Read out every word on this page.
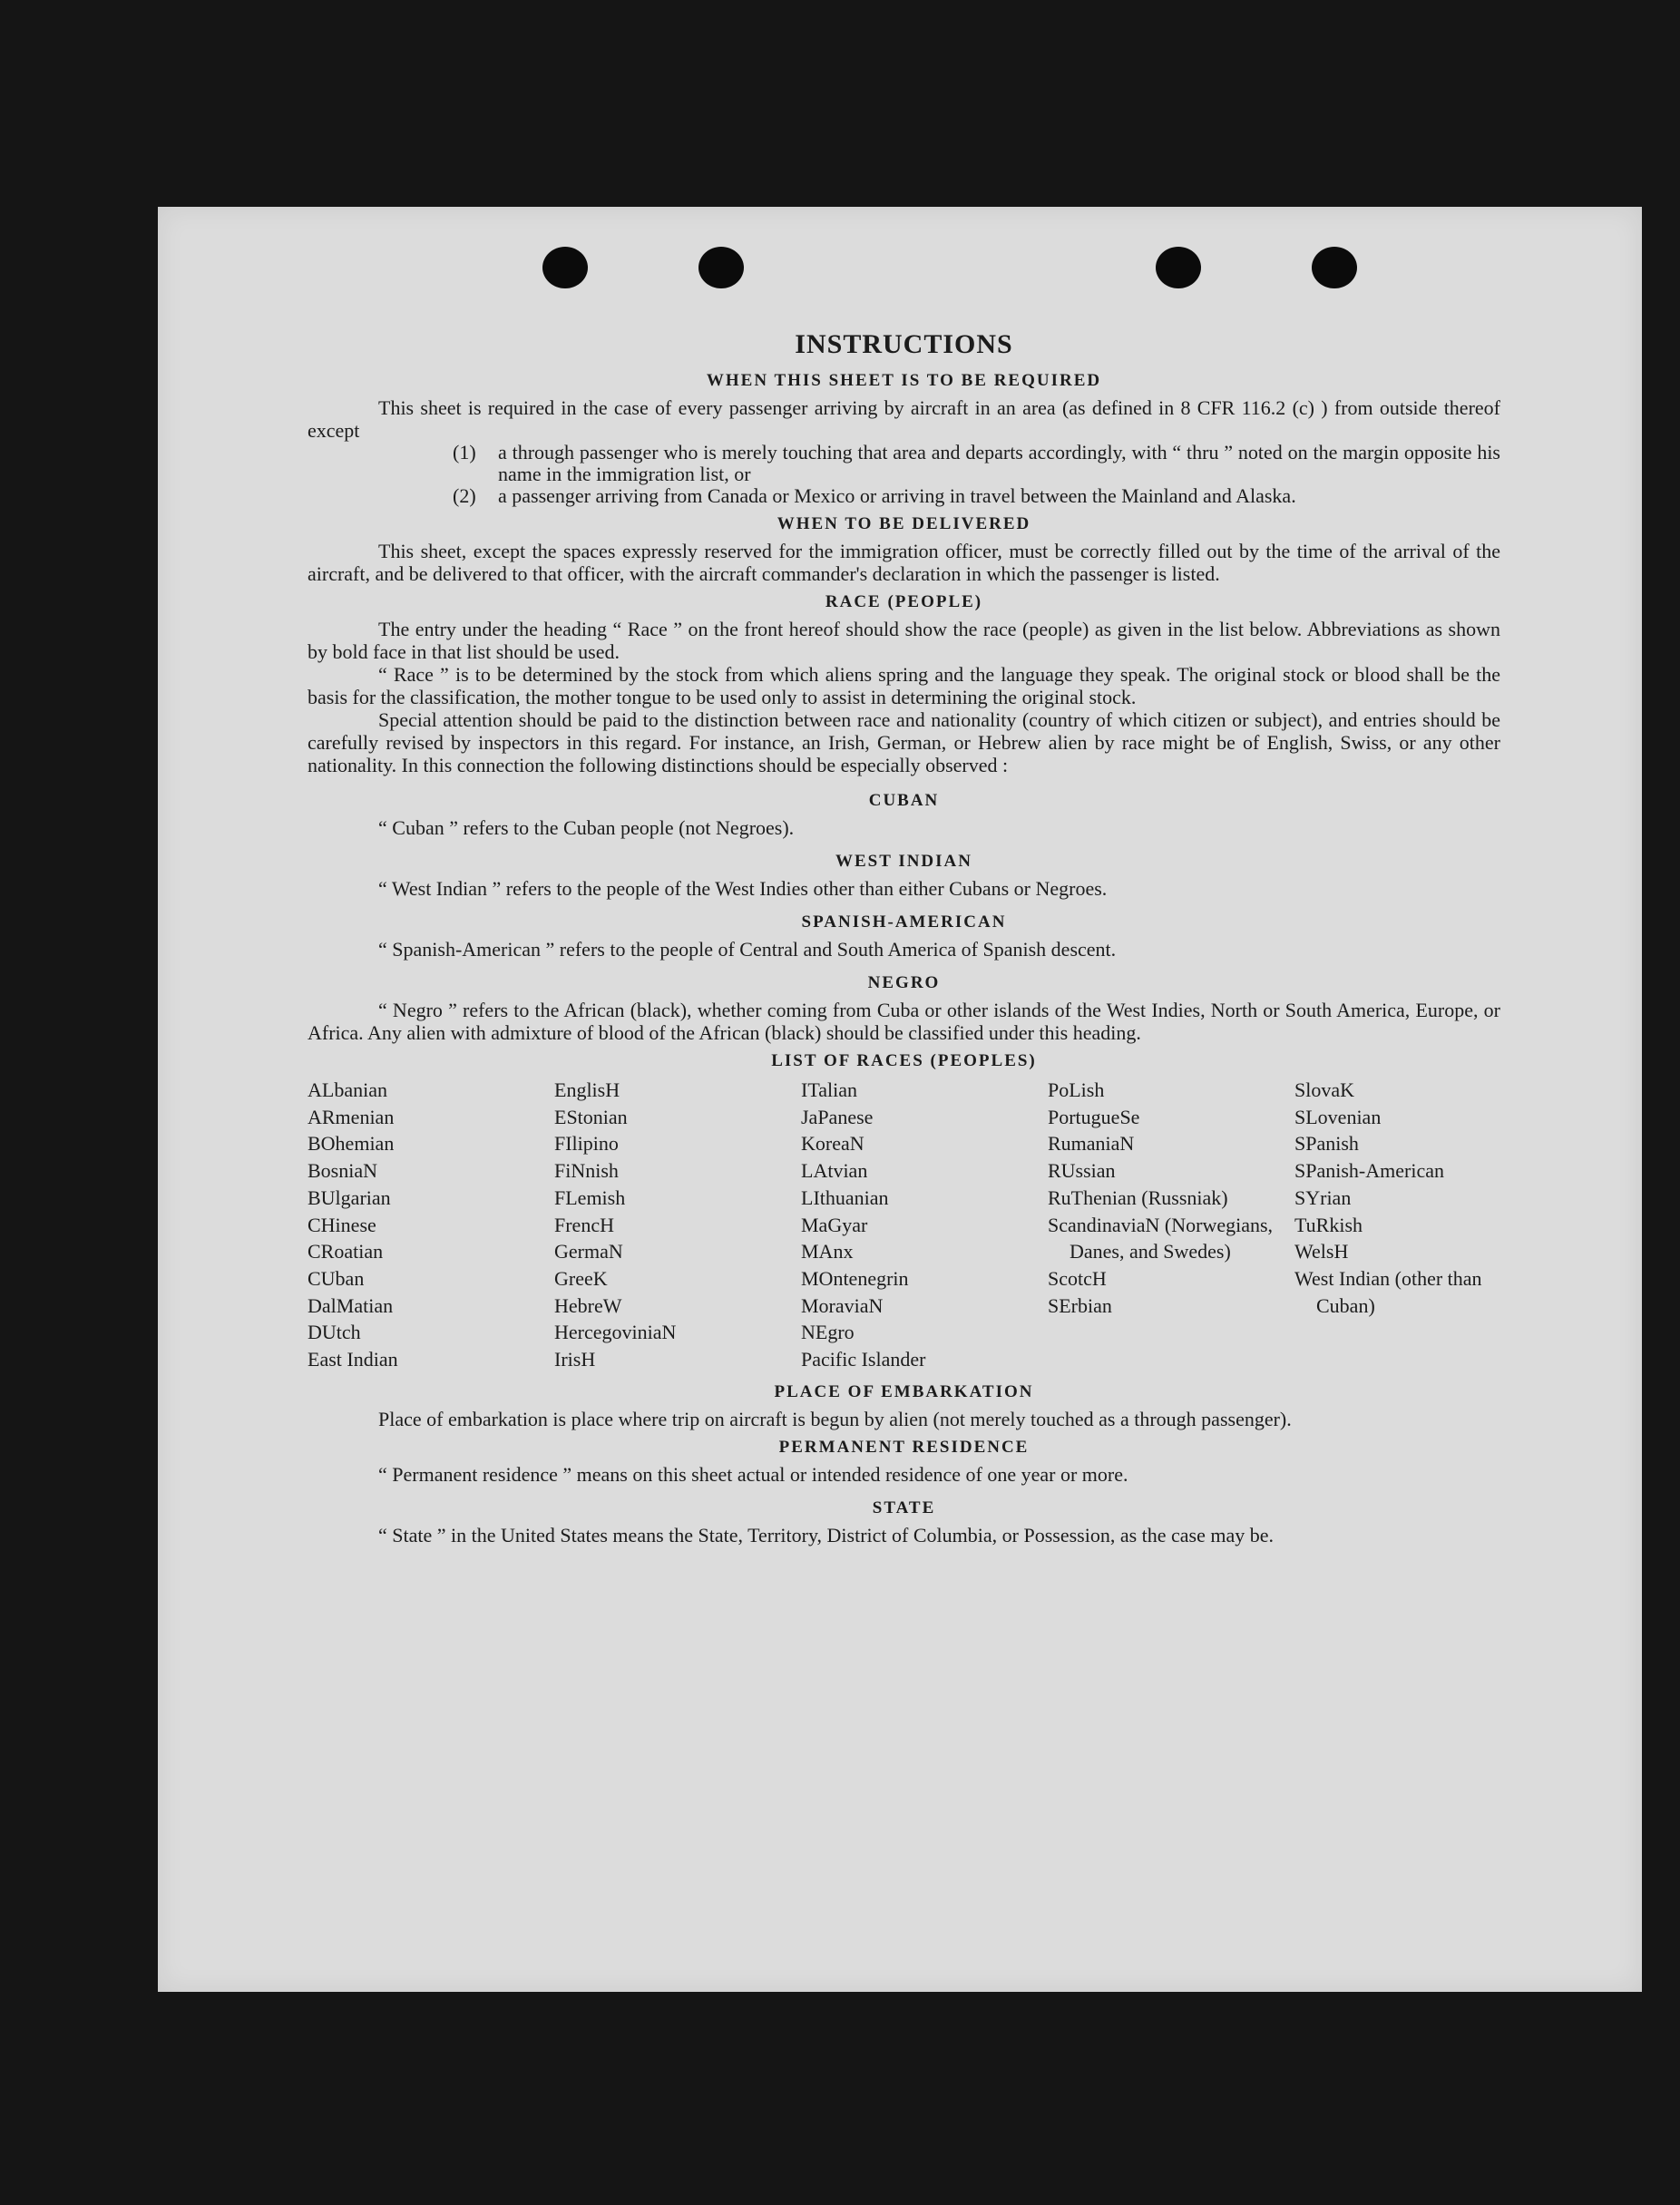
INSTRUCTIONS
WHEN THIS SHEET IS TO BE REQUIRED

This sheet is required in the case of every passenger arriving by aircraft in an area (as defined in 8 CFR 116.2 (c) ) from outside thereof except

(1)	a through passenger who is merely touching that area and departs accordingly, with “ thru ” noted on the margin opposite his name in the immigration list, or
(2)	a passenger arriving from Canada or Mexico or arriving in travel between the Mainland and Alaska.
WHEN TO BE DELIVERED

This sheet, except the spaces expressly reserved for the immigration officer, must be correctly filled out by the time of the arrival of the aircraft, and be delivered to that officer, with the aircraft commander's declaration in which the passenger is listed.

RACE (PEOPLE)

The entry under the heading “ Race ” on the front hereof should show the race (people) as given in the list below. Abbreviations as shown by bold face in that list should be used.

“ Race ” is to be determined by the stock from which aliens spring and the language they speak. The original stock or blood shall be the basis for the classification, the mother tongue to be used only to assist in determining the original stock.

Special attention should be paid to the distinction between race and nationality (country of which citizen or subject), and entries should be carefully revised by inspectors in this regard. For instance, an Irish, German, or Hebrew alien by race might be of English, Swiss, or any other nationality. In this connection the following distinctions should be especially observed :

CUBAN
“ Cuban ” refers to the Cuban people (not Negroes).
WEST INDIAN
“ West Indian ” refers to the people of the West Indies other than either Cubans or Negroes.
SPANISH-AMERICAN
“ Spanish-American ” refers to the people of Central and South America of Spanish descent.
NEGRO

“ Negro ” refers to the African (black), whether coming from Cuba or other islands of the West Indies, North or South America, Europe, or Africa. Any alien with admixture of blood of the African (black) should be classified under this heading.

LIST OF RACES (PEOPLES)
ALbanian
ARmenian
BOhemian
BosniaN
BUlgarian
CHinese
CRoatian
CUban
DalMatian
DUtch
East Indian
EnglisH
EStonian
FIlipino
FiNnish
FLemish
FrencH
GermaN
GreeK
HebreW
HercegoviniaN
IrisH
ITalian
JaPanese
KoreaN
LAtvian
LIthuanian
MaGyar
MAnx
MOntenegrin
MoraviaN
NEgro
Pacific Islander
PoLish
PortugueSe
RumaniaN
RUssian
RuThenian (Russniak)
ScandinaviaN (Norwegians, Danes, and Swedes)
ScotcH
SErbian
SlovaK
SLovenian
SPanish
SPanish-American
SYrian
TuRkish
WelsH
West Indian (other than Cuban)
PLACE OF EMBARKATION

Place of embarkation is place where trip on aircraft is begun by alien (not merely touched as a through passenger).

PERMANENT RESIDENCE
“ Permanent residence ” means on this sheet actual or intended residence of one year or more.
STATE

“ State ” in the United States means the State, Territory, District of Columbia, or Possession, as the case may be.
